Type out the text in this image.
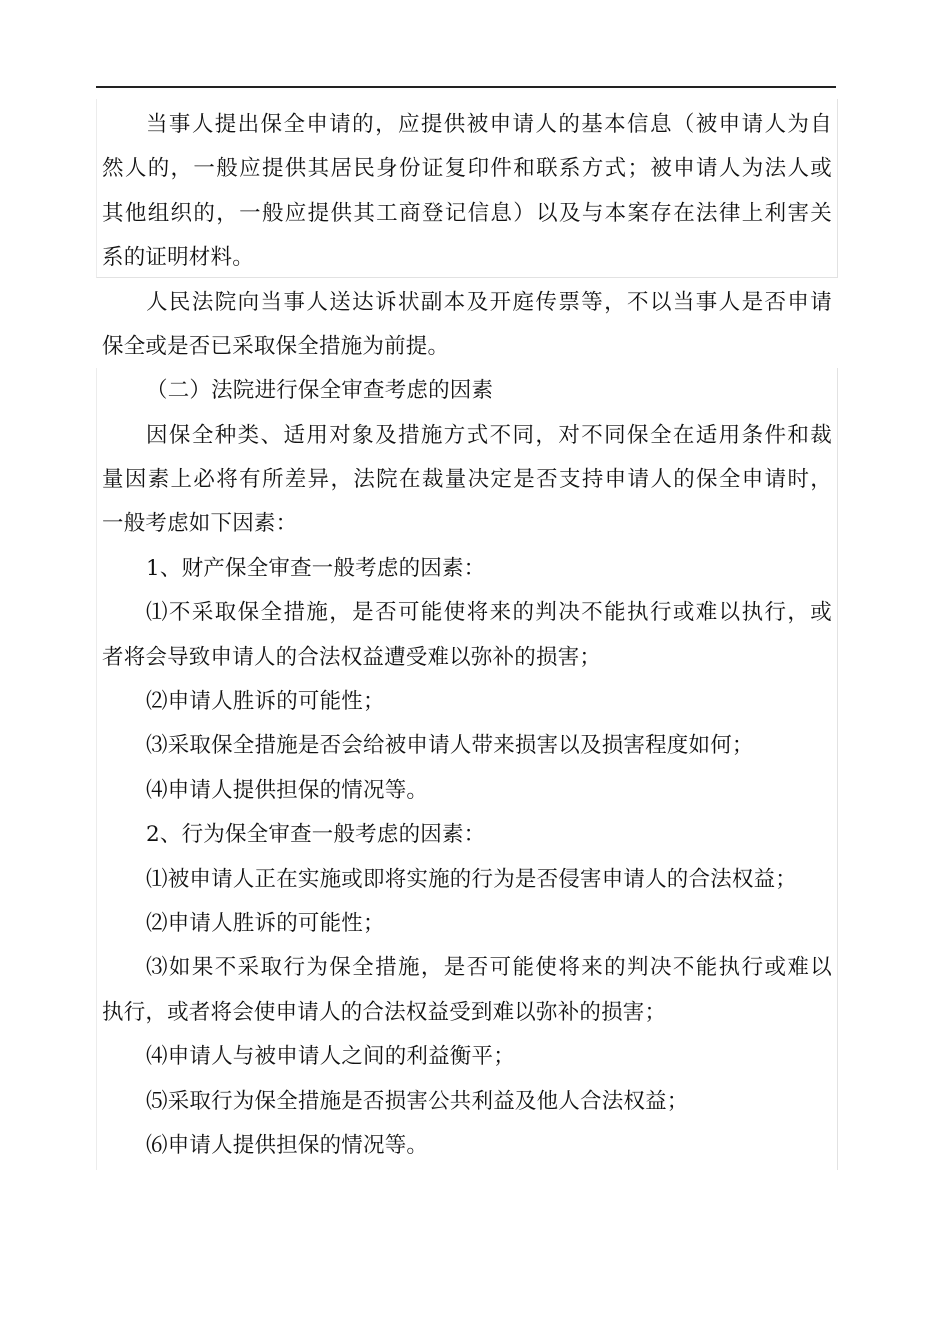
当事人提出保全申请的，应提供被申请人的基本信息（被申请人为自
然人的，一般应提供其居民身份证复印件和联系方式；被申请人为法人或
其他组织的，一般应提供其工商登记信息）以及与本案存在法律上利害关
系的证明材料。
人民法院向当事人送达诉状副本及开庭传票等，不以当事人是否申请
保全或是否已采取保全措施为前提。
（二）法院进行保全审查考虑的因素
因保全种类、适用对象及措施方式不同，对不同保全在适用条件和裁
量因素上必将有所差异，法院在裁量决定是否支持申请人的保全申请时，
一般考虑如下因素：
1、财产保全审查一般考虑的因素：
⑴不采取保全措施，是否可能使将来的判决不能执行或难以执行，或
者将会导致申请人的合法权益遭受难以弥补的损害；
⑵申请人胜诉的可能性；
⑶采取保全措施是否会给被申请人带来损害以及损害程度如何；
⑷申请人提供担保的情况等。
2、行为保全审查一般考虑的因素：
⑴被申请人正在实施或即将实施的行为是否侵害申请人的合法权益；
⑵申请人胜诉的可能性；
⑶如果不采取行为保全措施，是否可能使将来的判决不能执行或难以
执行，或者将会使申请人的合法权益受到难以弥补的损害；
⑷申请人与被申请人之间的利益衡平；
⑸采取行为保全措施是否损害公共利益及他人合法权益；
⑹申请人提供担保的情况等。
